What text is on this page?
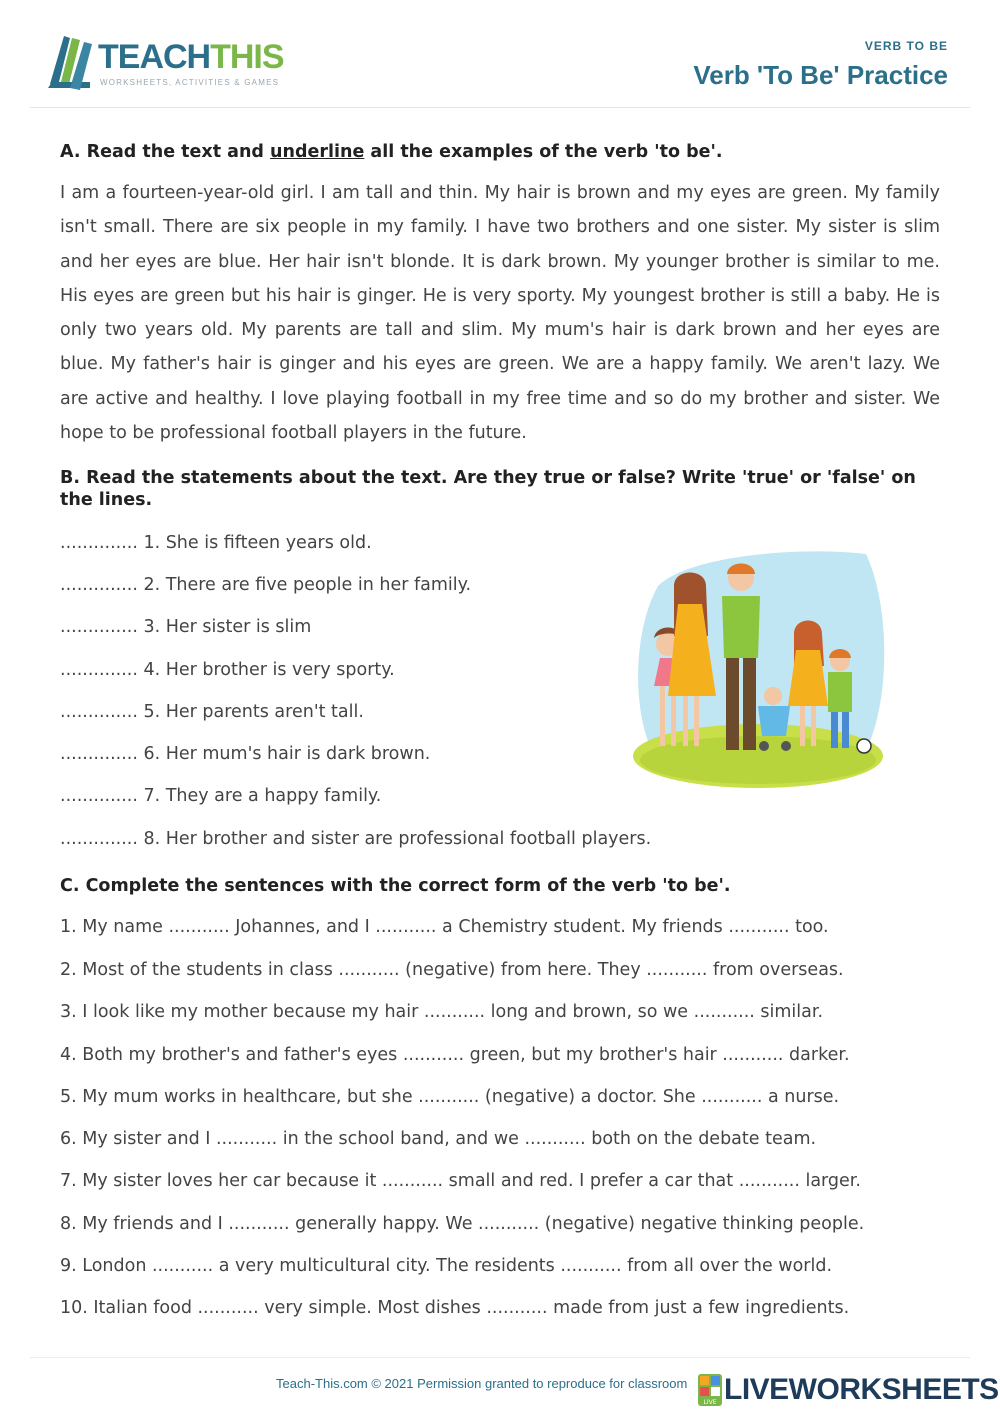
TEACHTHIS
WORKSHEETS, ACTIVITIES & GAMES
VERB TO BE
Verb 'To Be' Practice
A. Read the text and underline all the examples of the verb 'to be'.
I am a fourteen-year-old girl. I am tall and thin. My hair is brown and my eyes are green. My family isn't small. There are six people in my family. I have two brothers and one sister. My sister is slim and her eyes are blue. Her hair isn't blonde. It is dark brown. My younger brother is similar to me. His eyes are green but his hair is ginger. He is very sporty. My youngest brother is still a baby. He is only two years old. My parents are tall and slim. My mum's hair is dark brown and her eyes are blue. My father's hair is ginger and his eyes are green. We are a happy family. We aren't lazy. We are active and healthy. I love playing football in my free time and so do my brother and sister. We hope to be professional football players in the future.
B. Read the statements about the text. Are they true or false? Write 'true' or 'false' on the lines.
.............. 1. She is fifteen years old.
.............. 2. There are five people in her family.
.............. 3. Her sister is slim
.............. 4. Her brother is very sporty.
.............. 5. Her parents aren't tall.
.............. 6. Her mum's hair is dark brown.
.............. 7. They are a happy family.
.............. 8. Her brother and sister are professional football players.
C. Complete the sentences with the correct form of the verb 'to be'.
1. My name ........... Johannes, and I ........... a Chemistry student. My friends ........... too.
2. Most of the students in class ........... (negative) from here. They ........... from overseas.
3. I look like my mother because my hair ........... long and brown, so we ........... similar.
4. Both my brother's and father's eyes ........... green, but my brother's hair ........... darker.
5. My mum works in healthcare, but she ........... (negative) a doctor. She ........... a nurse.
6. My sister and I ........... in the school band, and we ........... both on the debate team.
7. My sister loves her car because it ........... small and red. I prefer a car that ........... larger.
8. My friends and I ........... generally happy. We ........... (negative) negative thinking people.
9. London ........... a very multicultural city. The residents ........... from all over the world.
10. Italian food ........... very simple. Most dishes ........... made from just a few ingredients.
Teach-This.com © 2021 Permission granted to reproduce for classroom
LIVE LIVEWORKSHEETS
